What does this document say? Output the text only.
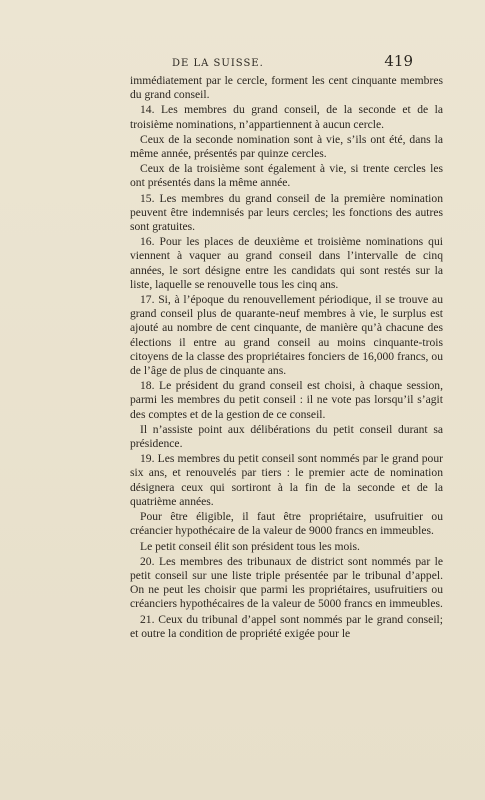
DE LA SUISSE.	419

immédiatement par le cercle, forment les cent cinquante membres du grand conseil.

14. Les membres du grand conseil, de la seconde et de la troisième nominations, n’appartiennent à aucun cercle.

Ceux de la seconde nomination sont à vie, s’ils ont été, dans la même année, présentés par quinze cercles.

Ceux de la troisième sont également à vie, si trente cercles les ont présentés dans la même année.

15. Les membres du grand conseil de la première nomination peuvent être indemnisés par leurs cercles; les fonctions des autres sont gratuites.

16. Pour les places de deuxième et troisième nominations qui viennent à vaquer au grand conseil dans l’intervalle de cinq années, le sort désigne entre les candidats qui sont restés sur la liste, laquelle se renouvelle tous les cinq ans.

17. Si, à l’époque du renouvellement périodique, il se trouve au grand conseil plus de quarante-neuf membres à vie, le surplus est ajouté au nombre de cent cinquante, de manière qu’à chacune des élections il entre au grand conseil au moins cinquante-trois citoyens de la classe des propriétaires fonciers de 16,000 francs, ou de l’âge de plus de cinquante ans.

18. Le président du grand conseil est choisi, à chaque session, parmi les membres du petit conseil : il ne vote pas lorsqu’il s’agit des comptes et de la gestion de ce conseil.

Il n’assiste point aux délibérations du petit conseil durant sa présidence.

19. Les membres du petit conseil sont nommés par le grand pour six ans, et renouvelés par tiers : le premier acte de nomination désignera ceux qui sortiront à la fin de la seconde et de la quatrième années.

Pour être éligible, il faut être propriétaire, usufruitier ou créancier hypothécaire de la valeur de 9000 francs en immeubles.

Le petit conseil élit son président tous les mois.

20. Les membres des tribunaux de district sont nommés par le petit conseil sur une liste triple présentée par le tribunal d’appel. On ne peut les choisir que parmi les propriétaires, usufruitiers ou créanciers hypothécaires de la valeur de 5000 francs en immeubles.

21. Ceux du tribunal d’appel sont nommés par le grand conseil; et outre la condition de propriété exigée pour le
